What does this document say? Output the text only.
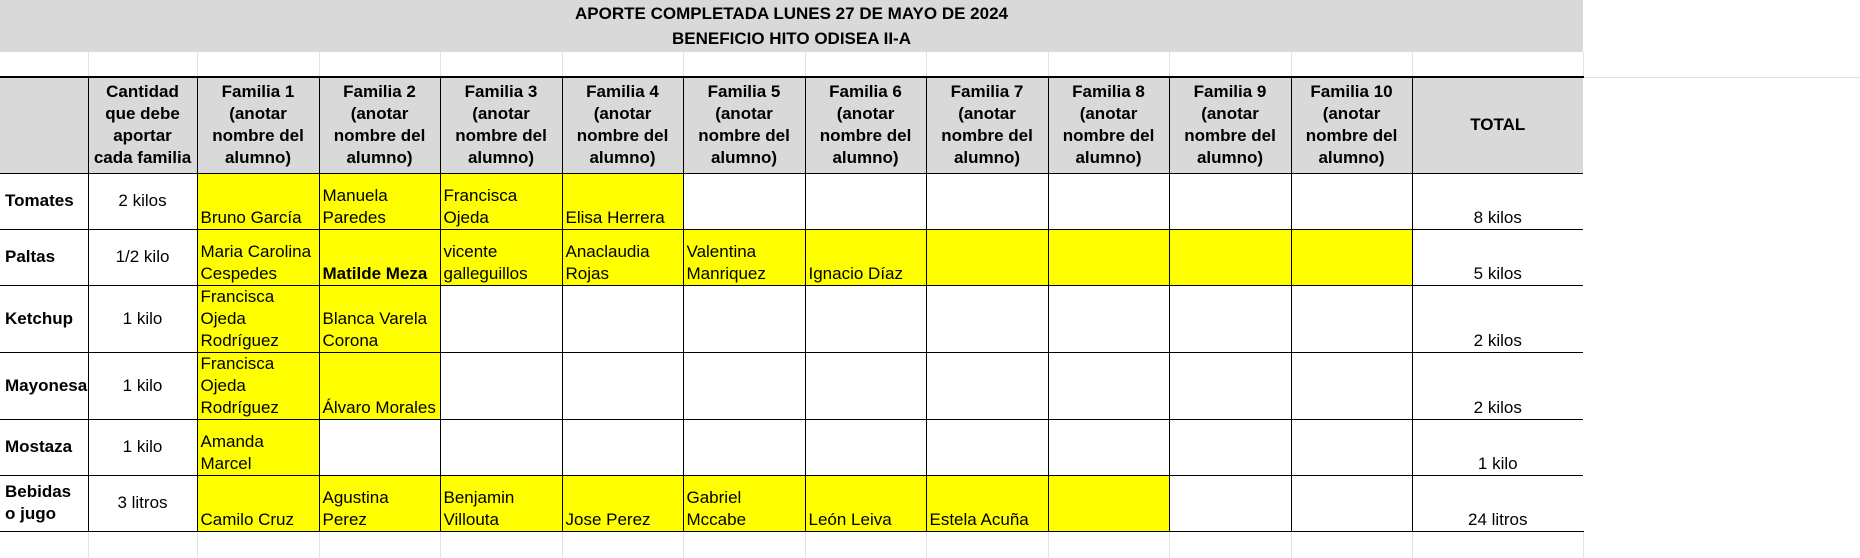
APORTE COMPLETADA LUNES 27 DE MAYO DE 2024													
BENEFICIO HITO ODISEA II-A													

	Cantidad que debe aportar cada familia	Familia 1 (anotar nombre del alumno)	Familia 2 (anotar nombre del alumno)	Familia 3 (anotar nombre del alumno)	Familia 4 (anotar nombre del alumno)	Familia 5 (anotar nombre del alumno)	Familia 6 (anotar nombre del alumno)	Familia 7 (anotar nombre del alumno)	Familia 8 (anotar nombre del alumno)	Familia 9 (anotar nombre del alumno)	Familia 10 (anotar nombre del alumno)	TOTAL	
Tomates	2 kilos	Bruno García	Manuela Paredes	Francisca Ojeda	Elisa Herrera							8 kilos	
Paltas	1/2 kilo	Maria Carolina Cespedes	Matilde Meza	vicente galleguillos	Anaclaudia Rojas	Valentina Manriquez	Ignacio Díaz					5 kilos	
Ketchup	1 kilo	Francisca Ojeda Rodríguez	Blanca Varela Corona									2 kilos	
Mayonesa	1 kilo	Francisca Ojeda Rodríguez	Álvaro Morales									2 kilos	
Mostaza	1 kilo	Amanda Marcel										1 kilo	
Bebidas o jugo	3 litros	Camilo Cruz	Agustina Perez	Benjamin Villouta	Jose Perez	Gabriel Mccabe	León Leiva	Estela Acuña				24 litros	
